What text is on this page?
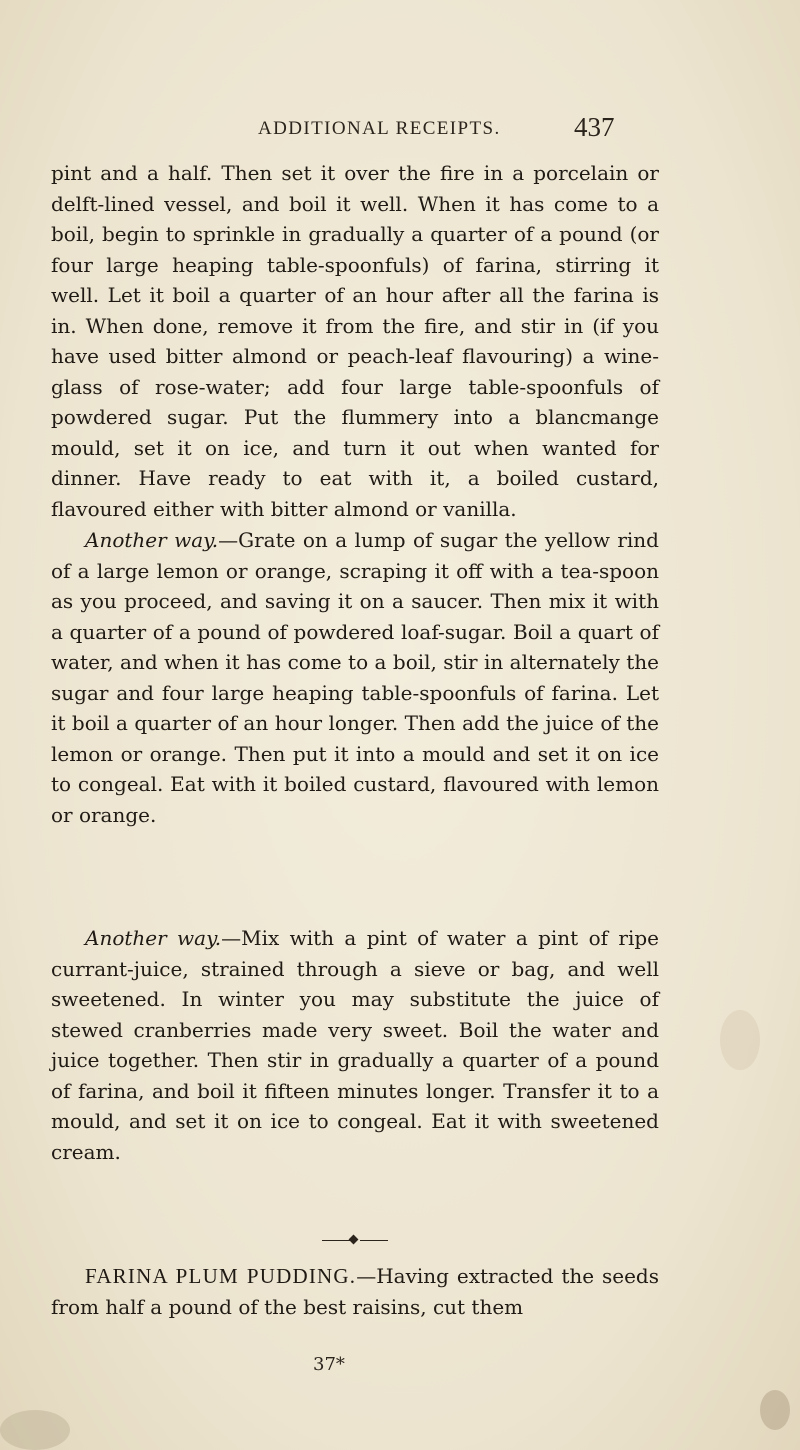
ADDITIONAL RECEIPTS.	437

pint and a half. Then set it over the fire in a porcelain or delft-lined vessel, and boil it well. When it has come to a boil, begin to sprinkle in gradually a quarter of a pound (or four large heaping table-spoonfuls) of farina, stirring it well. Let it boil a quarter of an hour after all the farina is in. When done, remove it from the fire, and stir in (if you have used bitter almond or peach-leaf flavouring) a wine-glass of rose-water; add four large table-spoonfuls of powdered sugar. Put the flummery into a blancmange mould, set it on ice, and turn it out when wanted for dinner. Have ready to eat with it, a boiled custard, flavoured either with bitter almond or vanilla.

Another way.—Grate on a lump of sugar the yellow rind of a large lemon or orange, scraping it off with a tea-spoon as you proceed, and saving it on a saucer. Then mix it with a quarter of a pound of powdered loaf-sugar. Boil a quart of water, and when it has come to a boil, stir in alternately the sugar and four large heaping table-spoonfuls of farina. Let it boil a quarter of an hour longer. Then add the juice of the lemon or orange. Then put it into a mould and set it on ice to congeal. Eat with it boiled custard, flavoured with lemon or orange.

Another way.—Mix with a pint of water a pint of ripe currant-juice, strained through a sieve or bag, and well sweetened. In winter you may substitute the juice of stewed cranberries made very sweet. Boil the water and juice together. Then stir in gradually a quarter of a pound of farina, and boil it fifteen minutes longer. Transfer it to a mould, and set it on ice to congeal. Eat it with sweetened cream.

FARINA PLUM PUDDING.—Having extracted the seeds from half a pound of the best raisins, cut them

37*
